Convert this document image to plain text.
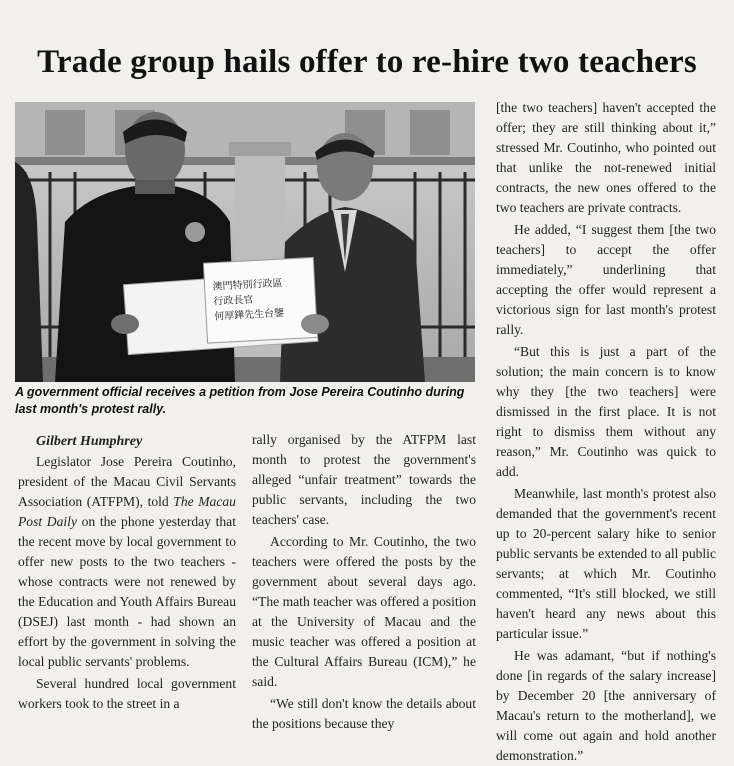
Trade group hails offer to re-hire two teachers
澳門特別行政區
行政長官
何厚鏵先生台鑒
A government official receives a petition from Jose Pereira Coutinho during last month's protest rally.

Gilbert Humphrey

Legislator Jose Pereira Coutinho, president of the Macau Civil Servants Association (ATFPM), told The Macau Post Daily on the phone yesterday that the recent move by local government to offer new posts to the two teachers - whose contracts were not renewed by the Education and Youth Affairs Bureau (DSEJ) last month - had shown an effort by the government in solving the local public servants' problems.

Several hundred local government workers took to the street in a

rally organised by the ATFPM last month to protest the government's alleged “unfair treatment” towards the public servants, including the two teachers' case.

According to Mr. Coutinho, the two teachers were offered the posts by the government about several days ago. “The math teacher was offered a position at the University of Macau and the music teacher was offered a position at the Cultural Affairs Bureau (ICM),” he said.

“We still don't know the details about the positions because they

[the two teachers] haven't accepted the offer; they are still thinking about it,” stressed Mr. Coutinho, who pointed out that unlike the not-renewed initial contracts, the new ones offered to the two teachers are private contracts.

He added, “I suggest them [the two teachers] to accept the offer immediately,” underlining that accepting the offer would represent a victorious sign for last month's protest rally.

“But this is just a part of the solution; the main concern is to know why they [the two teachers] were dismissed in the first place. It is not right to dismiss them without any reason,” Mr. Coutinho was quick to add.

Meanwhile, last month's protest also demanded that the government's recent up to 20-percent salary hike to senior public servants be extended to all public servants; at which Mr. Coutinho commented, “It's still blocked, we still haven't heard any news about this particular issue.”

He was adamant, “but if nothing's done [in regards of the salary increase] by December 20 [the anniversary of Macau's return to the motherland], we will come out again and hold another demonstration.”
